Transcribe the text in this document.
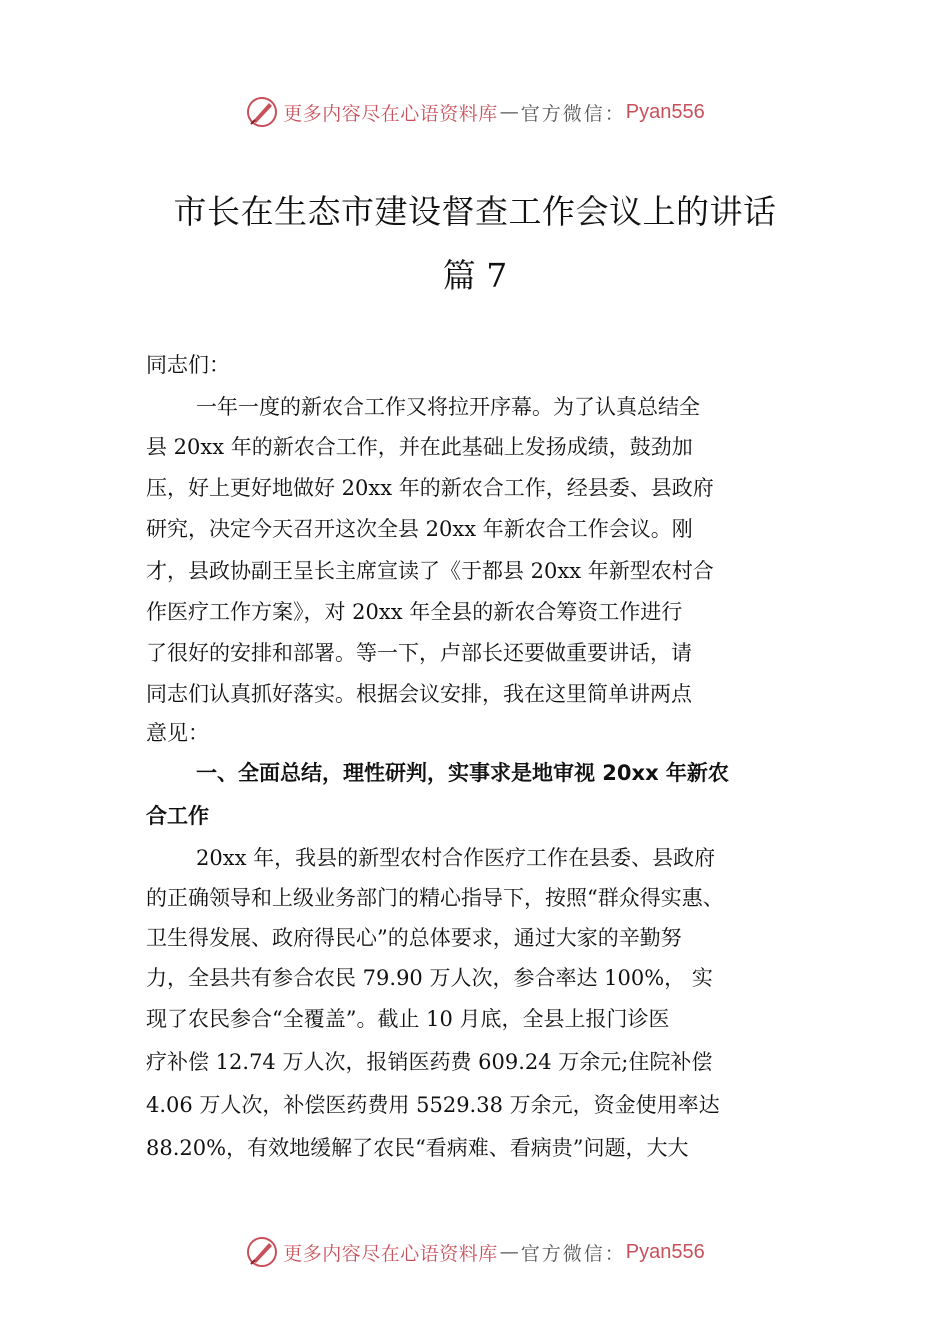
更多内容尽在心语资料库 — 官方微信： Pyan556
市长在生态市建设督查工作会议上的讲话
篇 7
同志们：
一年一度的新农合工作又将拉开序幕。为了认真总结全
县 20xx 年的新农合工作，并在此基础上发扬成绩，鼓劲加
压，好上更好地做好 20xx 年的新农合工作，经县委、县政府
研究，决定今天召开这次全县 20xx 年新农合工作会议。刚
才，县政协副王呈长主席宣读了《于都县 20xx 年新型农村合
作医疗工作方案》，对 20xx 年全县的新农合筹资工作进行
了很好的安排和部署。等一下，卢部长还要做重要讲话，请
同志们认真抓好落实。根据会议安排，我在这里简单讲两点
意见：
一、全面总结，理性研判，实事求是地审视 20xx 年新农
合工作
20xx 年，我县的新型农村合作医疗工作在县委、县政府
的正确领导和上级业务部门的精心指导下，按照“群众得实惠、
卫生得发展、政府得民心”的总体要求，通过大家的辛勤努
力，全县共有参合农民 79.90 万人次，参合率达 100%， 实
现了农民参合“全覆盖”。截止 10 月底，全县上报门诊医
疗补偿 12.74 万人次，报销医药费 609.24 万余元;住院补偿
4.06 万人次，补偿医药费用 5529.38 万余元，资金使用率达
88.20%，有效地缓解了农民“看病难、看病贵”问题，大大
更多内容尽在心语资料库 — 官方微信： Pyan556
